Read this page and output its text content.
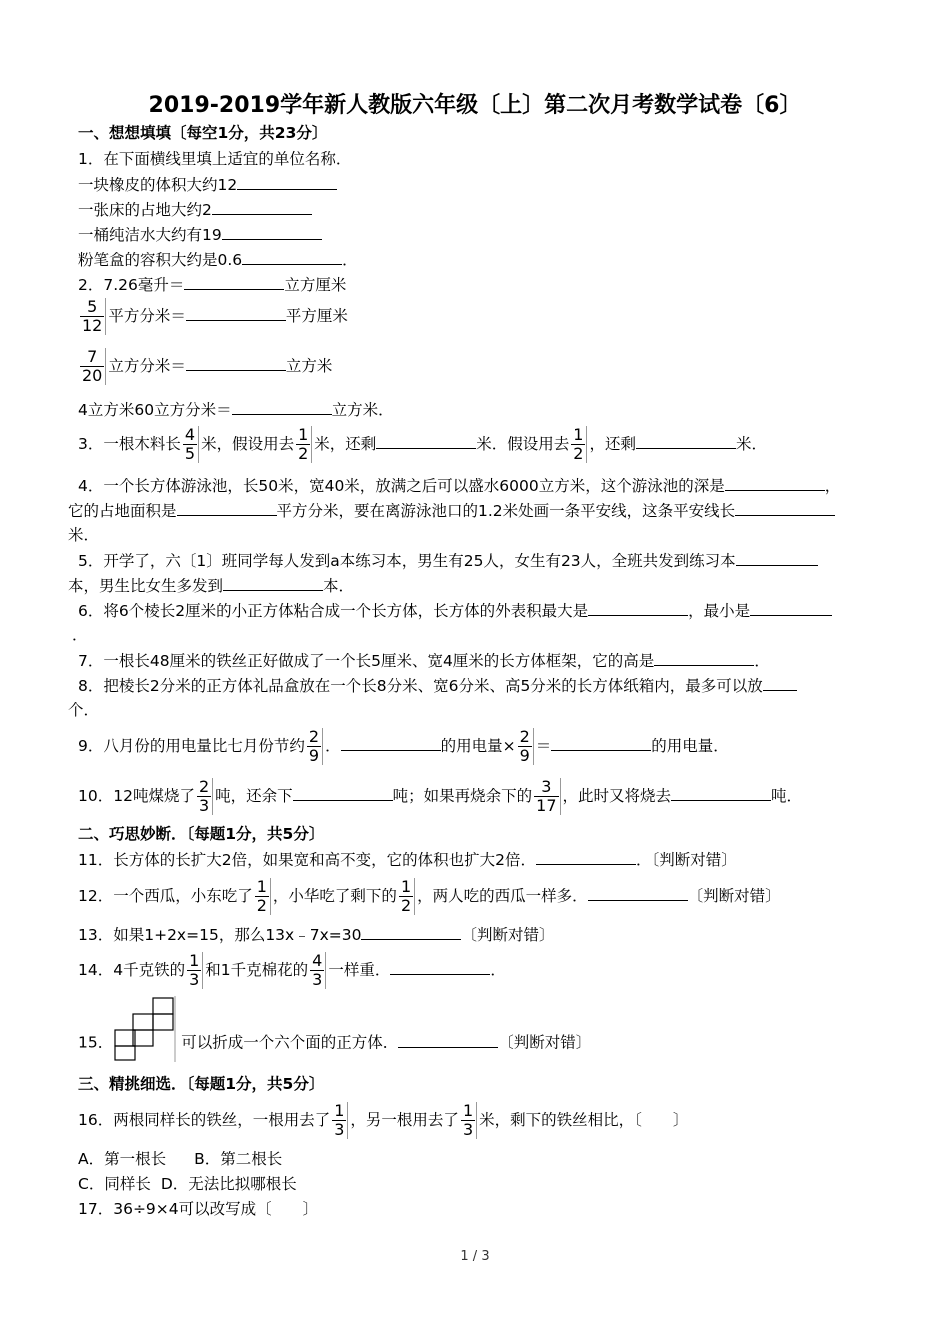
2019-2019学年新人教版六年级〔上〕第二次月考数学试卷〔6〕
一、想想填填〔每空1分，共23分〕
1．在下面横线里填上适宜的单位名称．
一块橡皮的体积大约12
一张床的占地大约2
一桶纯洁水大约有19
粉笔盒的容积大约是0.6	．
2．7.26毫升＝	立方厘米
$\frac{5}{12}$ 平方分米＝	平方厘米
$\frac{7}{20}$ 立方分米＝	立方米
4立方米60立方分米＝	立方米．
3．一根木料长 $\frac{4}{5}$ 米，假设用去 $\frac{1}{2}$ 米，还剩	米．假设用去 $\frac{1}{2}$ ，还剩	米．
4．一个长方体游泳池，长50米，宽40米，放满之后可以盛水6000立方米，这个游泳池的深是	，
它的占地面积是	平方分米，要在离游泳池口的1.2米处画一条平安线，这条平安线长
米．
5．开学了，六〔1〕班同学每人发到a本练习本，男生有25人，女生有23人，全班共发到练习本
本，男生比女生多发到	本．
6．将6个棱长2厘米的小正方体粘合成一个长方体，长方体的外表积最大是	，最小是
．
7．一根长48厘米的铁丝正好做成了一个长5厘米、宽4厘米的长方体框架，它的高是	．
8．把棱长2分米的正方体礼品盒放在一个长8分米、宽6分米、高5分米的长方体纸箱内，最多可以放
个．
9．八月份的用电量比七月份节约 $\frac{2}{9}$ ．	的用电量× $\frac{2}{9}$ ＝	的用电量．
10．12吨煤烧了 $\frac{2}{3}$ 吨，还余下	吨；如果再烧余下的 $\frac{3}{17}$ ，此时又将烧去	吨．
二、巧思妙断．〔每题1分，共5分〕
11．长方体的长扩大2倍，如果宽和高不变，它的体积也扩大2倍．	．〔判断对错〕
12．一个西瓜，小东吃了 $\frac{1}{2}$ ，小华吃了剩下的 $\frac{1}{2}$ ，两人吃的西瓜一样多．	〔判断对错〕
13．如果1+2x=15，那么13x﹣7x=30	〔判断对错〕
14．4千克铁的 $\frac{1}{3}$ 和1千克棉花的 $\frac{4}{3}$ 一样重．	．
15．	可以折成一个六个面的正方体．	〔判断对错〕
三、精挑细选．〔每题1分，共5分〕
16．两根同样长的铁丝，一根用去了 $\frac{1}{3}$ ，另一根用去了 $\frac{1}{3}$ 米，剩下的铁丝相比，〔　　〕
A．第一根长 B．第二根长
C．同样长 D．无法比拟哪根长
17．36÷9×4可以改写成〔　　〕
1 / 3
